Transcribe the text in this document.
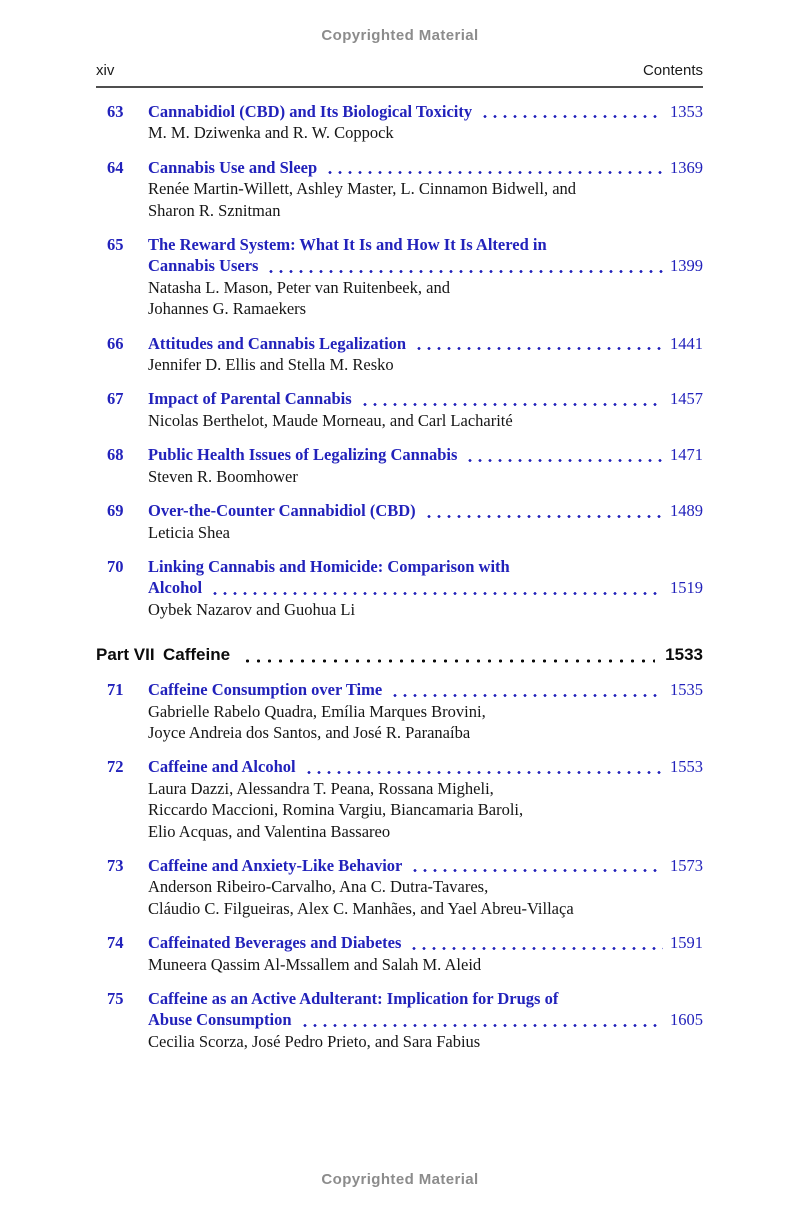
Copyrighted Material
xiv	Contents
63	Cannabidiol (CBD) and Its Biological Toxicity	1353
M. M. Dziwenka and R. W. Coppock
64	Cannabis Use and Sleep	1369
Renée Martin-Willett, Ashley Master, L. Cinnamon Bidwell, and
Sharon R. Sznitman
65	The Reward System: What It Is and How It Is Altered in
Cannabis Users	1399
Natasha L. Mason, Peter van Ruitenbeek, and
Johannes G. Ramaekers
66	Attitudes and Cannabis Legalization	1441
Jennifer D. Ellis and Stella M. Resko
67	Impact of Parental Cannabis	1457
Nicolas Berthelot, Maude Morneau, and Carl Lacharité
68	Public Health Issues of Legalizing Cannabis	1471
Steven R. Boomhower
69	Over-the-Counter Cannabidiol (CBD)	1489
Leticia Shea
70	Linking Cannabis and Homicide: Comparison with
Alcohol	1519
Oybek Nazarov and Guohua Li
Part VII Caffeine	1533
71	Caffeine Consumption over Time	1535
Gabrielle Rabelo Quadra, Emília Marques Brovini,
Joyce Andreia dos Santos, and José R. Paranaíba
72	Caffeine and Alcohol	1553
Laura Dazzi, Alessandra T. Peana, Rossana Migheli,
Riccardo Maccioni, Romina Vargiu, Biancamaria Baroli,
Elio Acquas, and Valentina Bassareo
73	Caffeine and Anxiety-Like Behavior	1573
Anderson Ribeiro-Carvalho, Ana C. Dutra-Tavares,
Cláudio C. Filgueiras, Alex C. Manhães, and Yael Abreu-Villaça
74	Caffeinated Beverages and Diabetes	1591
Muneera Qassim Al-Mssallem and Salah M. Aleid
75	Caffeine as an Active Adulterant: Implication for Drugs of
Abuse Consumption	1605
Cecilia Scorza, José Pedro Prieto, and Sara Fabius
Copyrighted Material
